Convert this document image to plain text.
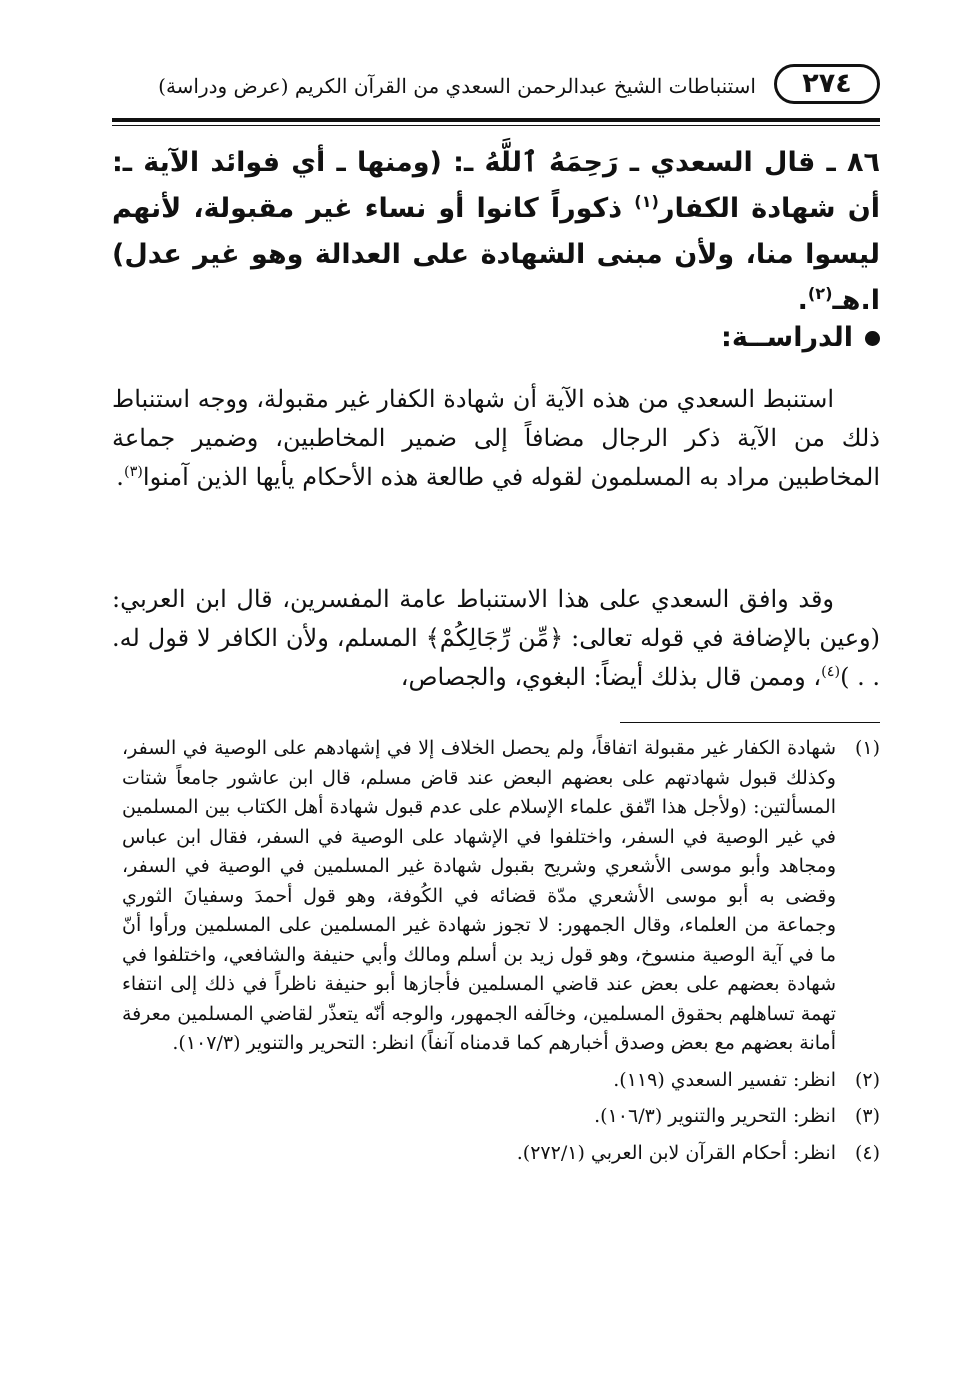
٢٧٤
استنباطات الشيخ عبدالرحمن السعدي من القرآن الكريم (عرض ودراسة)
٨٦ ـ قال السعدي ـ رَحِمَهُ ٱللَّهُ ـ: (ومنها ـ أي فوائد الآية ـ: أن شهادة الكفار$^{(١)}$ ذكوراً كانوا أو نساء غير مقبولة، لأنهم ليسوا منا، ولأن مبنى الشهادة على العدالة وهو غير عدل) ا.هـ$^{(٢)}$.
الدراســة:
استنبط السعدي من هذه الآية أن شهادة الكفار غير مقبولة، ووجه استنباط ذلك من الآية ذكر الرجال مضافاً إلى ضمير المخاطبين، وضمير جماعة المخاطبين مراد به المسلمون لقوله في طالعة هذه الأحكام يأيها الذين آمنوا$^{(٣)}$.
وقد وافق السعدي على هذا الاستنباط عامة المفسرين، قال ابن العربي: (وعين بالإضافة في قوله تعالى: ﴿مِّن رِّجَالِكُمْ﴾ المسلم، ولأن الكافر لا قول له. . . )$^{(٤)}$، وممن قال بذلك أيضاً: البغوي، والجصاص،
(١)
شهادة الكفار غير مقبولة اتفاقاً، ولم يحصل الخلاف إلا في إشهادهم على الوصية في السفر، وكذلك قبول شهادتهم على بعضهم البعض عند قاض مسلم، قال ابن عاشور جامعاً شتات المسألتين: (ولأجل هذا اتّفق علماء الإسلام على عدم قبول شهادة أهل الكتاب بين المسلمين في غير الوصية في السفر، واختلفوا في الإشهاد على الوصية في السفر، فقال ابن عباس ومجاهد وأبو موسى الأشعري وشريح بقبول شهادة غير المسلمين في الوصية في السفر، وقضى به أبو موسى الأشعري مدّة قضائه في الكُوفة، وهو قول أحمدَ وسفيانَ الثوري وجماعة من العلماء، وقال الجمهور: لا تجوز شهادة غير المسلمين على المسلمين ورأوا أنّ ما في آية الوصية منسوخ، وهو قول زيد بن أسلم ومالك وأبي حنيفة والشافعي، واختلفوا في شهادة بعضهم على بعض عند قاضي المسلمين فأجازها أبو حنيفة ناظراً في ذلك إلى انتفاء تهمة تساهلهم بحقوق المسلمين، وخالَفه الجمهور، والوجه أنّه يتعذّر لقاضي المسلمين معرفة أمانة بعضهم مع بعض وصدق أخبارهم كما قدمناه آنفاً) انظر: التحرير والتنوير (١٠٧/٣).
(٢)
انظر: تفسير السعدي (١١٩).
(٣)
انظر: التحرير والتنوير (١٠٦/٣).
(٤)
انظر: أحكام القرآن لابن العربي (٢٧٢/١).
